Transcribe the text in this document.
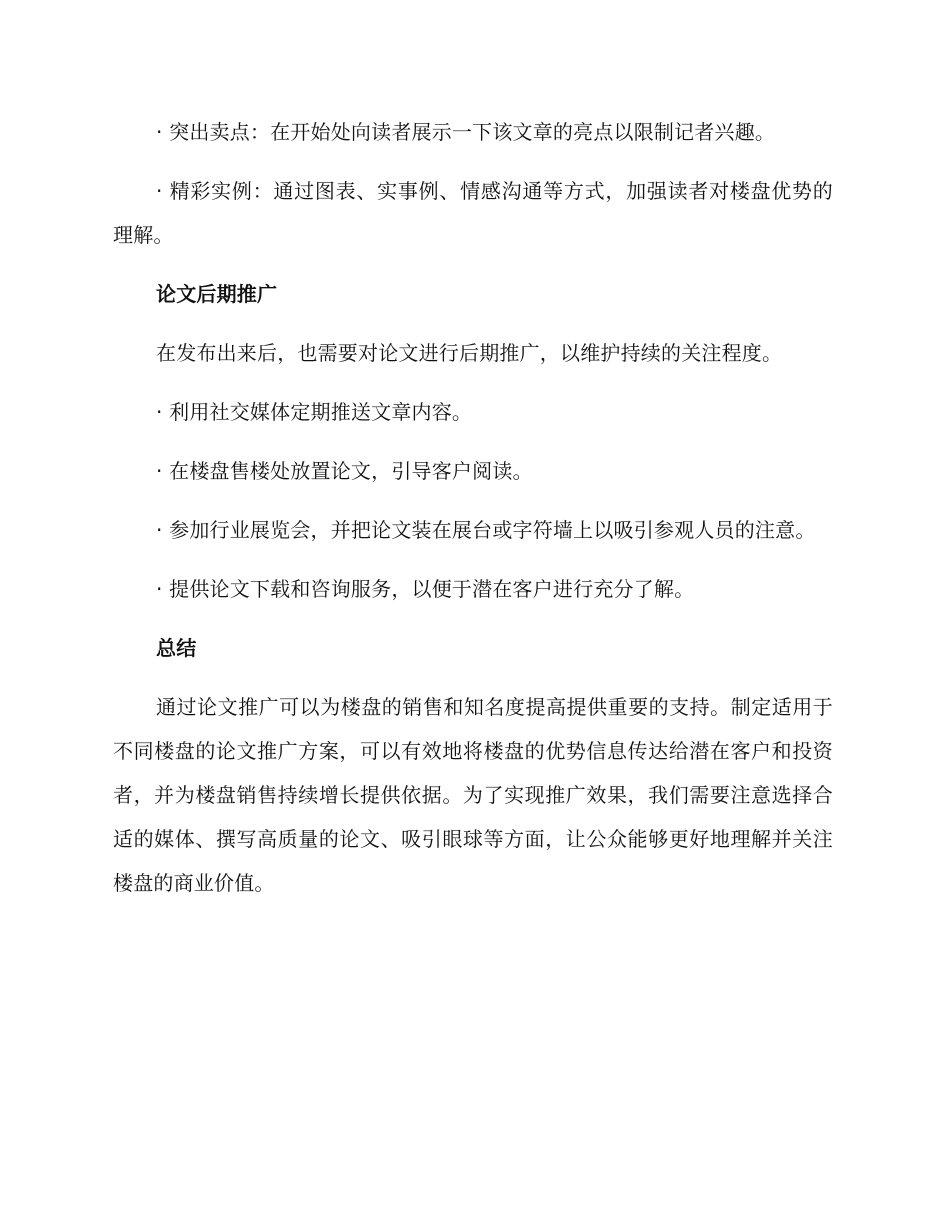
· 突出卖点：在开始处向读者展示一下该文章的亮点以限制记者兴趣。

· 精彩实例：通过图表、实事例、情感沟通等方式，加强读者对楼盘优势的理解。

论文后期推广

在发布出来后，也需要对论文进行后期推广，以维护持续的关注程度。

· 利用社交媒体定期推送文章内容。

· 在楼盘售楼处放置论文，引导客户阅读。

· 参加行业展览会，并把论文装在展台或字符墙上以吸引参观人员的注意。

· 提供论文下载和咨询服务，以便于潜在客户进行充分了解。

总结

通过论文推广可以为楼盘的销售和知名度提高提供重要的支持。制定适用于不同楼盘的论文推广方案，可以有效地将楼盘的优势信息传达给潜在客户和投资者，并为楼盘销售持续增长提供依据。为了实现推广效果，我们需要注意选择合适的媒体、撰写高质量的论文、吸引眼球等方面，让公众能够更好地理解并关注楼盘的商业价值。
